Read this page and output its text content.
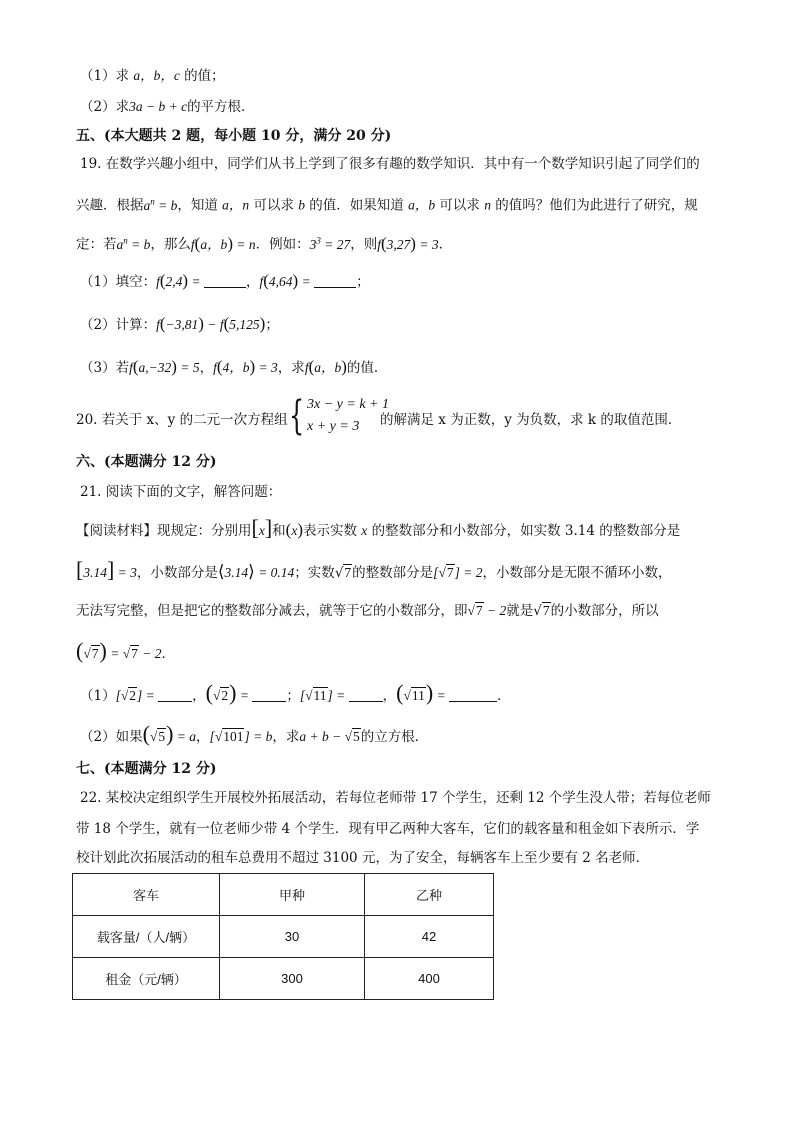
（1）求 a，b，c 的值；
（2）求3a − b + c的平方根．
五、(本大题共 2 题，每小题 10 分，满分 20 分)
19. 在数学兴趣小组中，同学们从书上学到了很多有趣的数学知识．其中有一个数学知识引起了同学们的
兴趣．根据$a^n = b$，知道 a，n 可以求 b 的值．如果知道 a，b 可以求 n 的值吗？他们为此进行了研究，规
定：若$a^n = b$，那么f(a，b) = n．例如：$3^3 = 27$，则f(3,27) = 3．
（1）填空：f(2,4) =	，f(4,64) =	；
（2）计算：f(−3,81) − f(5,125)；
（3）若f(a,−32) = 5，f(4，b) = 3，求f(a，b)的值．
20. 若关于 x、y 的二元一次方程组 { 3x − y = k + 1
x + y = 3 的解满足 x 为正数，y 为负数，求 k 的取值范围．
六、(本题满分 12 分)
21. 阅读下面的文字，解答问题：
【阅读材料】现规定：分别用[x]和(x)表示实数 x 的整数部分和小数部分，如实数 3.14 的整数部分是
[3.14] = 3，小数部分是⟨3.14⟩ = 0.14；实数√7的整数部分是[√7] = 2，小数部分是无限不循环小数，
无法写完整，但是把它的整数部分减去，就等于它的小数部分，即√7 − 2就是√7的小数部分，所以
(√7) = √7 − 2．
（1）[√2] =	，(√2) =	；[√11] =	，(√11) =	．
（2）如果(√5) = a，[√101] = b，求a + b − √5的立方根．
七、(本题满分 12 分)
22. 某校决定组织学生开展校外拓展活动，若每位老师带 17 个学生，还剩 12 个学生没人带；若每位老师
带 18 个学生，就有一位老师少带 4 个学生．现有甲乙两种大客车，它们的载客量和租金如下表所示．学
校计划此次拓展活动的租车总费用不超过 3100 元，为了安全，每辆客车上至少要有 2 名老师．
客车	甲种	乙种
载客量/（人/辆）	30	42
租金（元/辆）	300	400
